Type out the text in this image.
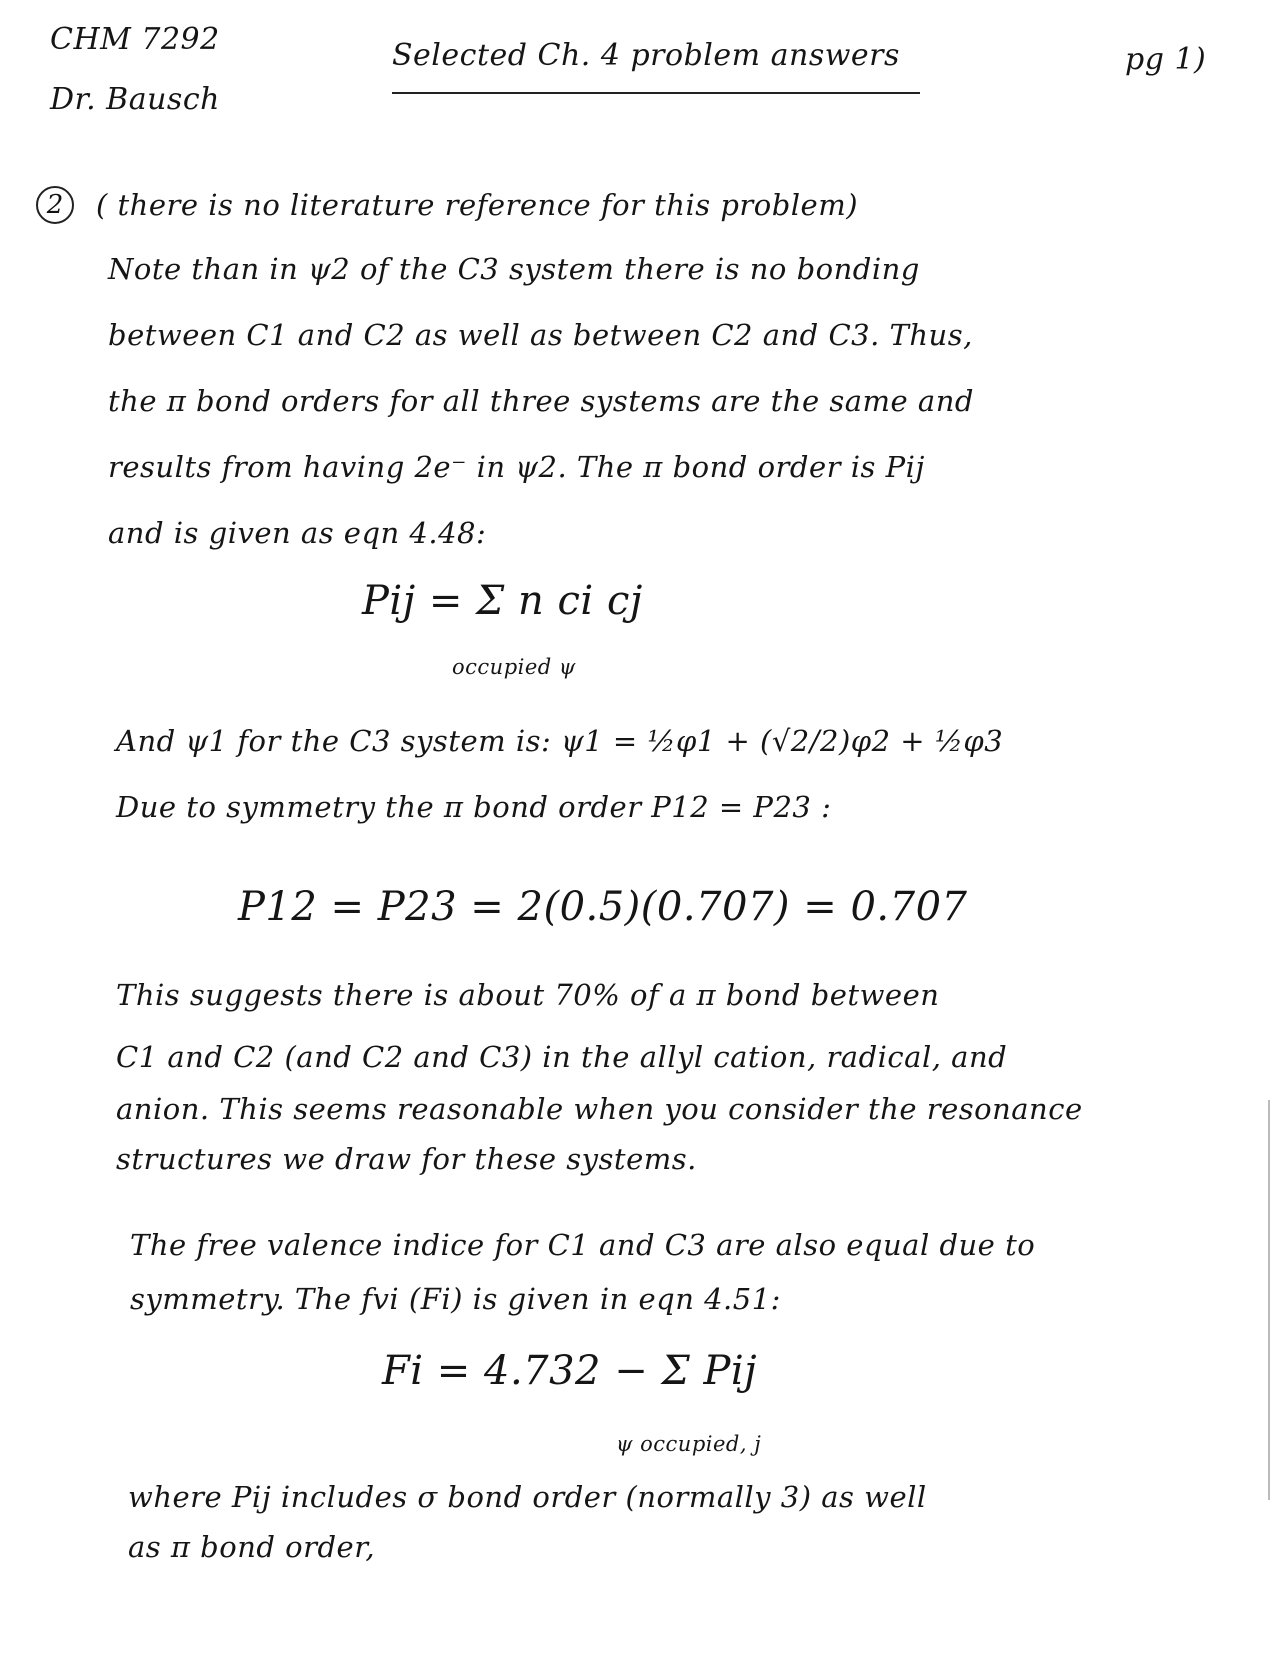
CHM 7292
Dr. Bausch
Selected Ch. 4 problem answers	pg 1)
2	( there is no literature reference for this problem)
Note than in ψ2 of the C3 system there is no bonding
between C1 and C2 as well as between C2 and C3. Thus,
the π bond orders for all three systems are the same and
results from having 2e⁻ in ψ2. The π bond order is Pij
and is given as eqn 4.48:
Pij = Σ n ci cj
occupied ψ
And ψ1 for the C3 system is: ψ1 = ½φ1 + (√2/2)φ2 + ½φ3
Due to symmetry the π bond order P12 = P23 :
P12 = P23 = 2(0.5)(0.707) = 0.707
This suggests there is about 70% of a π bond between
C1 and C2 (and C2 and C3) in the allyl cation, radical, and
anion. This seems reasonable when you consider the resonance
structures we draw for these systems.
The free valence indice for C1 and C3 are also equal due to
symmetry. The fvi (Fi) is given in eqn 4.51:
Fi = 4.732 − Σ Pij
ψ occupied, j
where Pij includes σ bond order (normally 3) as well
as π bond order,
